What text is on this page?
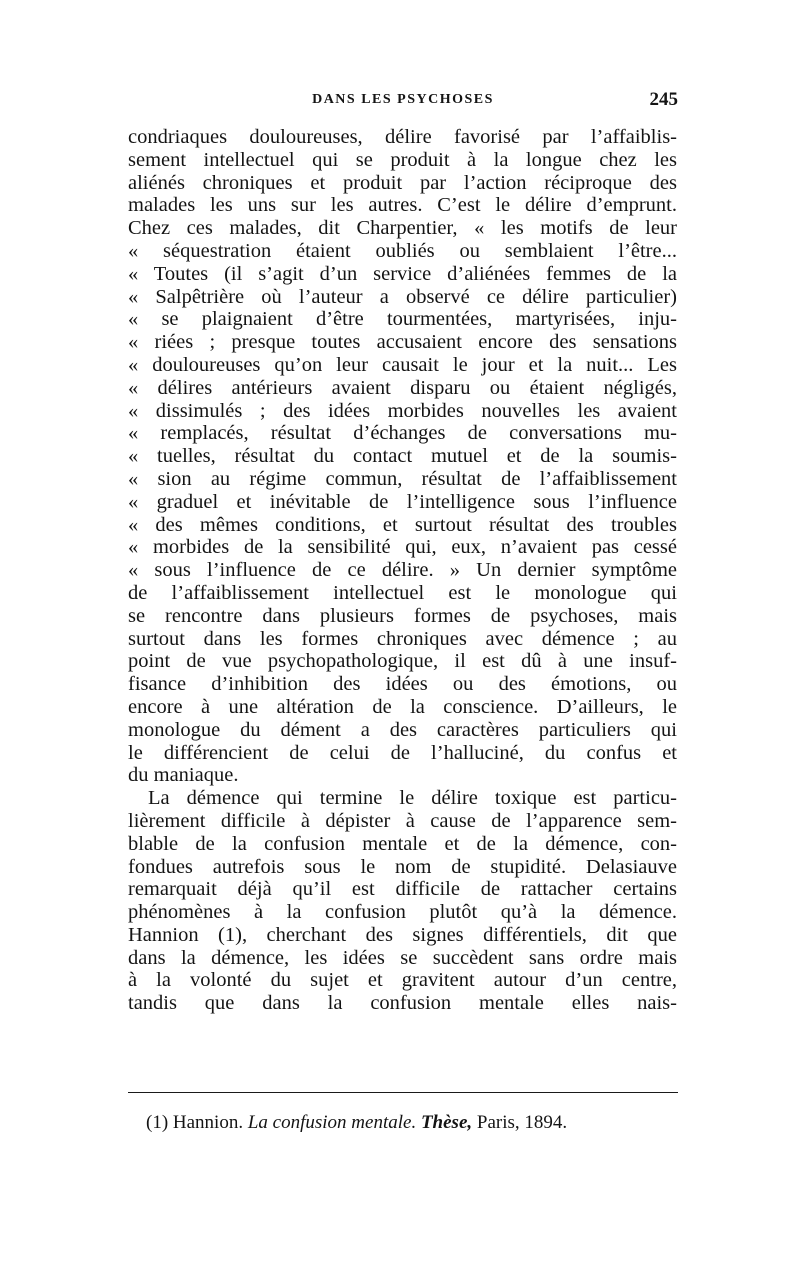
DANS LES PSYCHOSES	245
condriaques douloureuses, délire favorisé par l’affaiblis-
sement intellectuel qui se produit à la longue chez les
aliénés chroniques et produit par l’action réciproque des
malades les uns sur les autres. C’est le délire d’emprunt.
Chez ces malades, dit Charpentier, « les motifs de leur
« séquestration étaient oubliés ou semblaient l’être...
« Toutes (il s’agit d’un service d’aliénées femmes de la
« Salpêtrière où l’auteur a observé ce délire particulier)
« se plaignaient d’être tourmentées, martyrisées, inju-
« riées ; presque toutes accusaient encore des sensations
« douloureuses qu’on leur causait le jour et la nuit... Les
« délires antérieurs avaient disparu ou étaient négligés,
« dissimulés ; des idées morbides nouvelles les avaient
« remplacés, résultat d’échanges de conversations mu-
« tuelles, résultat du contact mutuel et de la soumis-
« sion au régime commun, résultat de l’affaiblissement
« graduel et inévitable de l’intelligence sous l’influence
« des mêmes conditions, et surtout résultat des troubles
« morbides de la sensibilité qui, eux, n’avaient pas cessé
« sous l’influence de ce délire. » Un dernier symptôme
de l’affaiblissement intellectuel est le monologue qui
se rencontre dans plusieurs formes de psychoses, mais
surtout dans les formes chroniques avec démence ; au
point de vue psychopathologique, il est dû à une insuf-
fisance d’inhibition des idées ou des émotions, ou
encore à une altération de la conscience. D’ailleurs, le
monologue du dément a des caractères particuliers qui
le différencient de celui de l’halluciné, du confus et
du maniaque.
La démence qui termine le délire toxique est particu-
lièrement difficile à dépister à cause de l’apparence sem-
blable de la confusion mentale et de la démence, con-
fondues autrefois sous le nom de stupidité. Delasiauve
remarquait déjà qu’il est difficile de rattacher certains
phénomènes à la confusion plutôt qu’à la démence.
Hannion (1), cherchant des signes différentiels, dit que
dans la démence, les idées se succèdent sans ordre mais
à la volonté du sujet et gravitent autour d’un centre,
tandis que dans la confusion mentale elles nais-
(1) Hannion. La confusion mentale. Thèse, Paris, 1894.
